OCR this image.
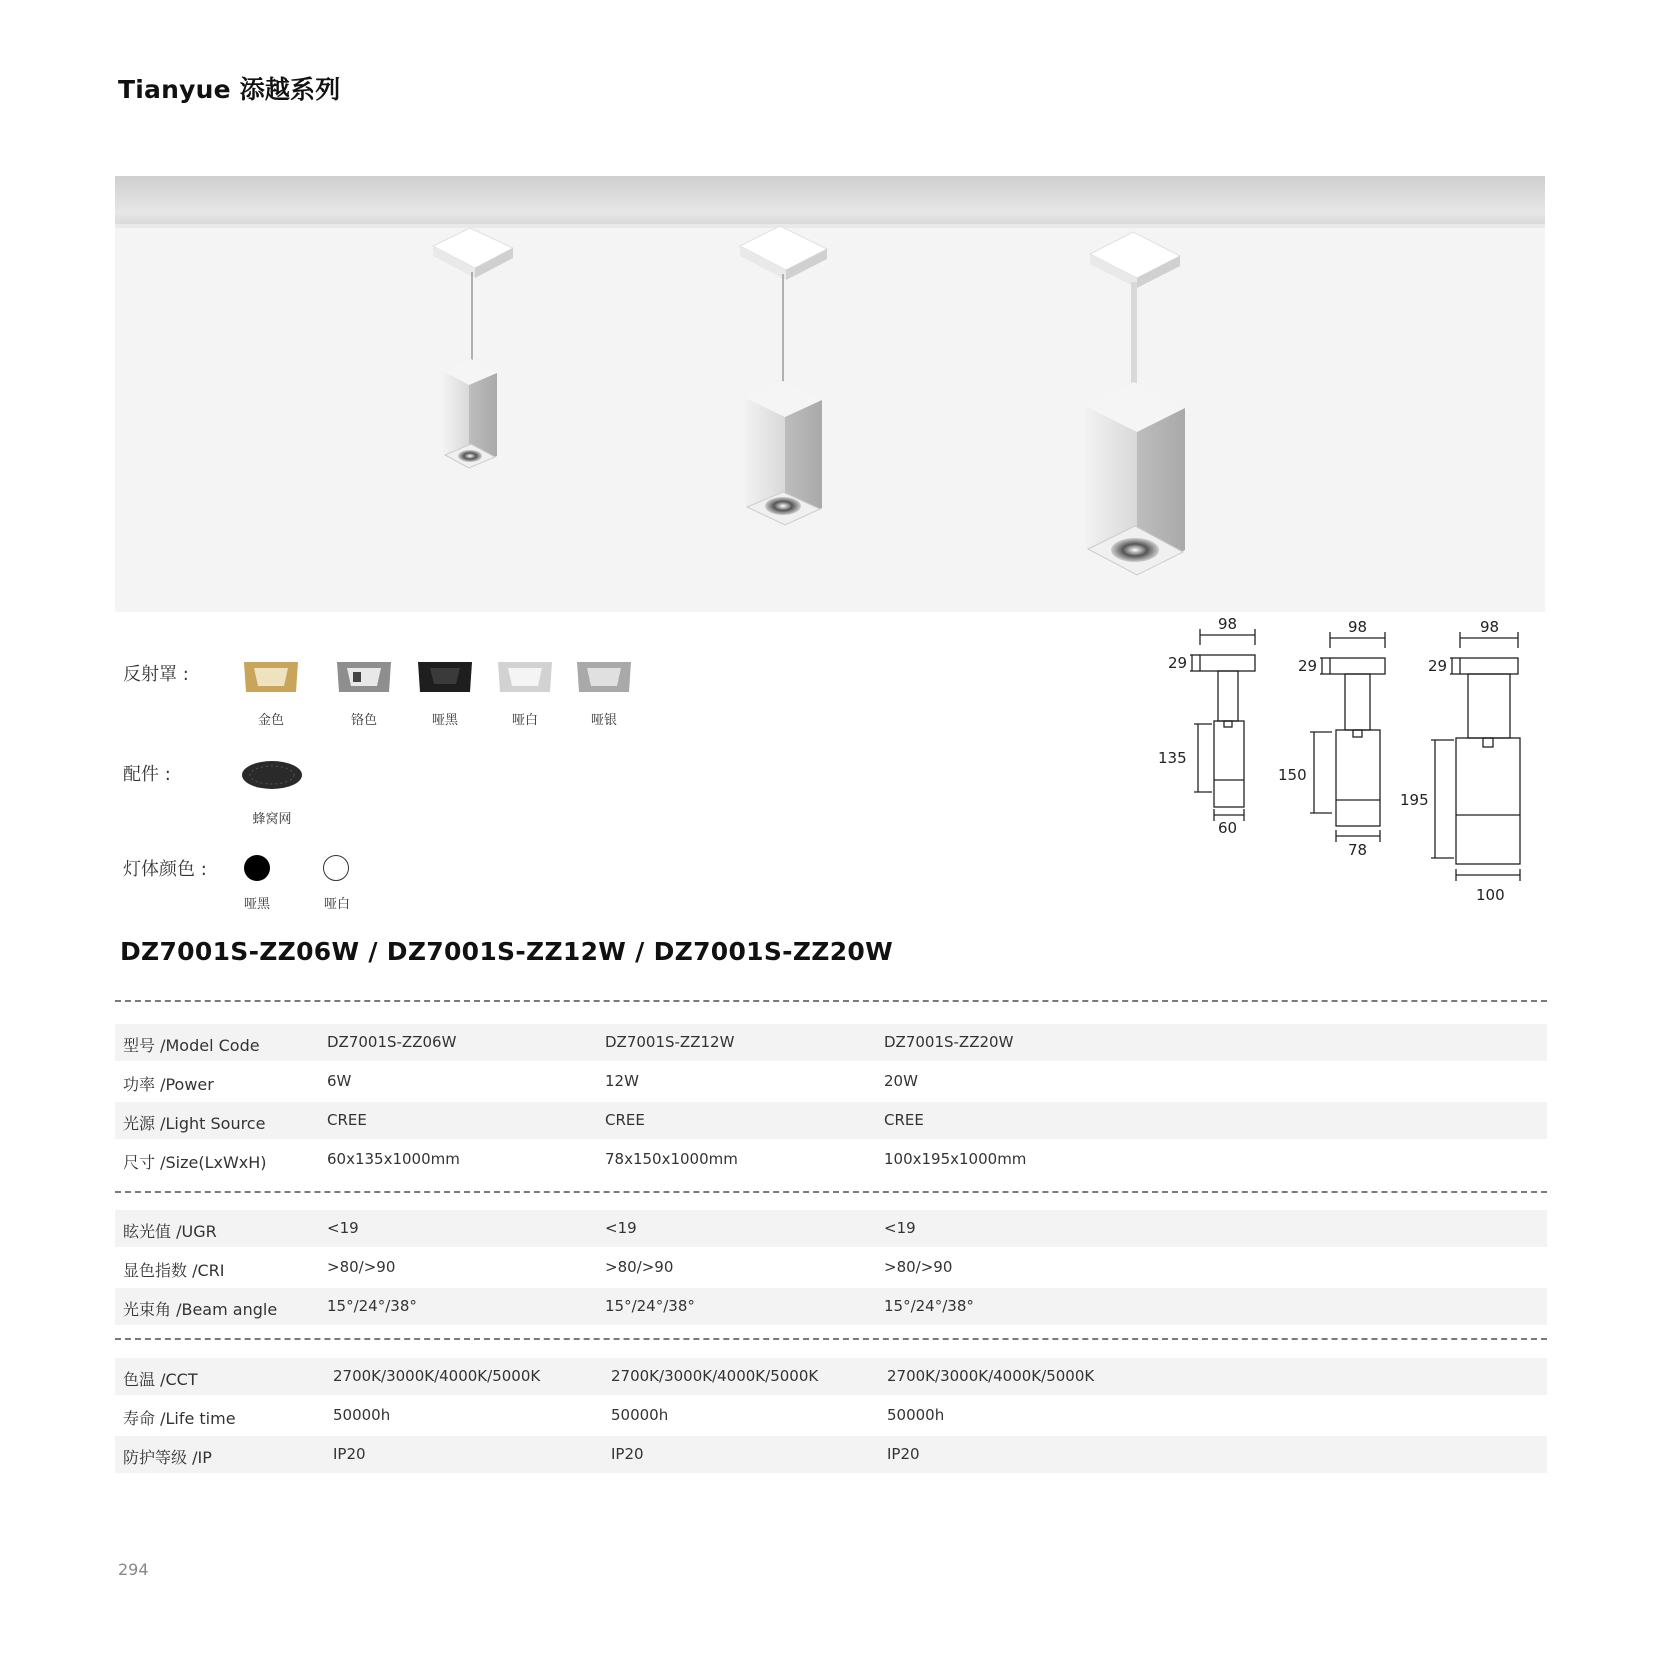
Tianyue 添越系列
反射罩 :
金色	铬色	哑黑	哑白	哑银
配件 :
蜂窝网
灯体颜色 :
哑黑	哑白
98
29
135
60
98
29
150
78
98
29
195
100
DZ7001S-ZZ06W / DZ7001S-ZZ12W / DZ7001S-ZZ20W
型号 /Model Code	DZ7001S-ZZ06W	DZ7001S-ZZ12W	DZ7001S-ZZ20W
功率 /Power	6W	12W	20W
光源 /Light Source	CREE	CREE	CREE
尺寸 /Size(LxWxH)	60x135x1000mm	78x150x1000mm	100x195x1000mm
眩光值 /UGR	<19	<19	<19
显色指数 /CRI	>80/>90	>80/>90	>80/>90
光束角 /Beam angle	15°/24°/38°	15°/24°/38°	15°/24°/38°
色温 /CCT	2700K/3000K/4000K/5000K	2700K/3000K/4000K/5000K	2700K/3000K/4000K/5000K
寿命 /Life time	50000h	50000h	50000h
防护等级 /IP	IP20	IP20	IP20
294
